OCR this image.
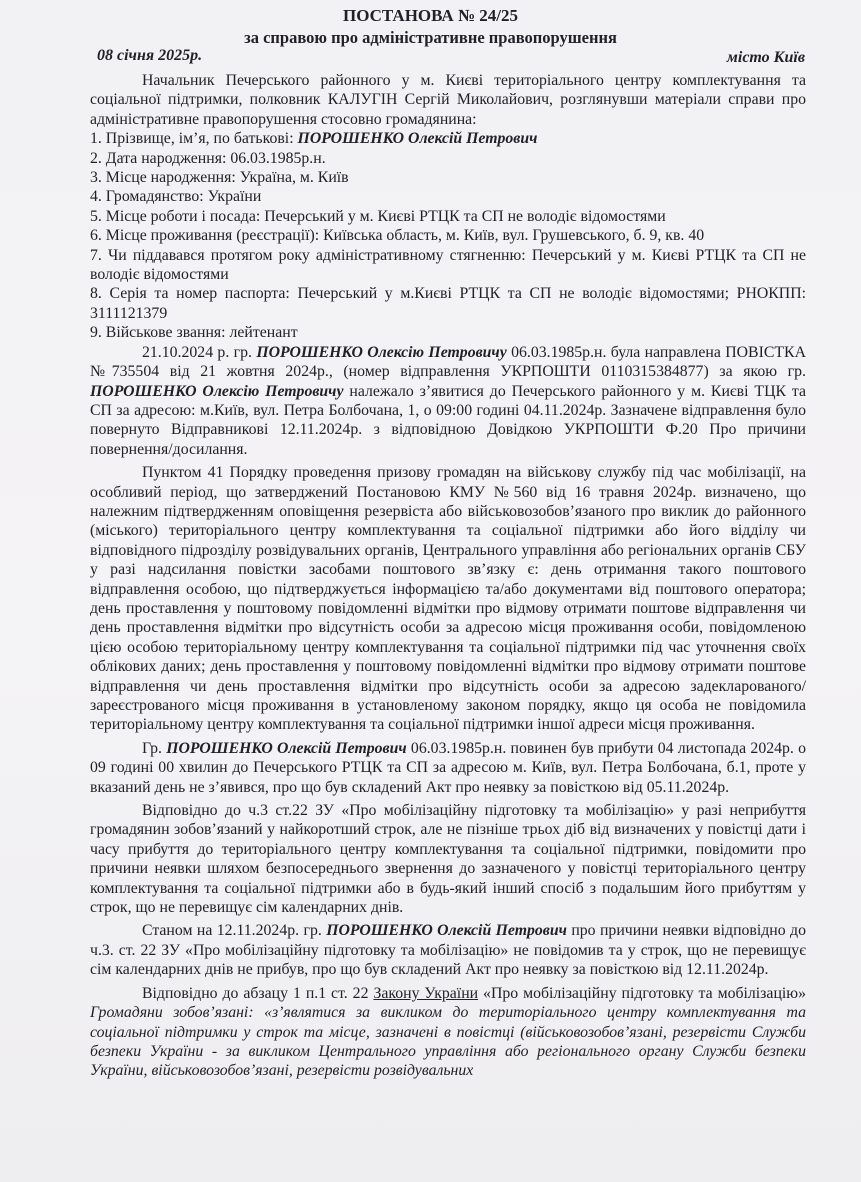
ПОСТАНОВА № 24/25
за справою про адміністративне правопорушення
08 січня 2025р.	місто Київ

Начальник Печерського районного у м. Києві територіального центру комплектування та соціальної підтримки, полковник КАЛУГІН Сергій Миколайович, розглянувши матеріали справи про адміністративне правопорушення стосовно громадянина:

1. Прізвище, ім’я, по батькові: ПОРОШЕНКО Олексій Петрович

2. Дата народження: 06.03.1985р.н.

3. Місце народження: Україна, м. Київ

4. Громадянство: України

5. Місце роботи і посада: Печерський у м. Києві РТЦК та СП не володіє відомостями

6. Місце проживання (реєстрації): Київська область, м. Київ, вул. Грушевського, б. 9, кв. 40

7. Чи піддавався протягом року адміністративному стягненню: Печерський у м. Києві РТЦК та СП не володіє відомостями

8. Серія та номер паспорта: Печерський у м.Києві РТЦК та СП не володіє відомостями; РНОКПП: 3111121379

9. Військове звання: лейтенант

21.10.2024 р. гр. ПОРОШЕНКО Олексію Петровичу 06.03.1985р.н. була направлена ПОВІСТКА №735504 від 21 жовтня 2024р., (номер відправлення УКРПОШТИ 0110315384877) за якою гр. ПОРОШЕНКО Олексію Петровичу належало з’явитися до Печерського районного у м. Києві ТЦК та СП за адресою: м.Київ, вул. Петра Болбочана, 1, о 09:00 годині 04.11.2024р. Зазначене відправлення було повернуто Відправникові 12.11.2024р. з відповідною Довідкою УКРПОШТИ Ф.20 Про причини повернення/досилання.

Пунктом 41 Порядку проведення призову громадян на військову службу під час мобілізації, на особливий період, що затверджений Постановою КМУ №560 від 16 травня 2024р. визначено, що належним підтвердженням оповіщення резервіста або військовозобов’язаного про виклик до районного (міського) територіального центру комплектування та соціальної підтримки або його відділу чи відповідного підрозділу розвідувальних органів, Центрального управління або регіональних органів СБУ у разі надсилання повістки засобами поштового зв’язку є: день отримання такого поштового відправлення особою, що підтверджується інформацією та/або документами від поштового оператора; день проставлення у поштовому повідомленні відмітки про відмову отримати поштове відправлення чи день проставлення відмітки про відсутність особи за адресою місця проживання особи, повідомленою цією особою територіальному центру комплектування та соціальної підтримки під час уточнення своїх облікових даних; день проставлення у поштовому повідомленні відмітки про відмову отримати поштове відправлення чи день проставлення відмітки про відсутність особи за адресою задекларованого/зареєстрованого місця проживання в установленому законом порядку, якщо ця особа не повідомила територіальному центру комплектування та соціальної підтримки іншої адреси місця проживання.

Гр. ПОРОШЕНКО Олексій Петрович 06.03.1985р.н. повинен був прибути 04 листопада 2024р. о 09 годині 00 хвилин до Печерського РТЦК та СП за адресою м. Київ, вул. Петра Болбочана, б.1, проте у вказаний день не з’явився, про що був складений Акт про неявку за повісткою від 05.11.2024р.

Відповідно до ч.3 ст.22 ЗУ «Про мобілізаційну підготовку та мобілізацію» у разі неприбуття громадянин зобов’язаний у найкоротший строк, але не пізніше трьох діб від визначених у повістці дати і часу прибуття до територіального центру комплектування та соціальної підтримки, повідомити про причини неявки шляхом безпосереднього звернення до зазначеного у повістці територіального центру комплектування та соціальної підтримки або в будь-який інший спосіб з подальшим його прибуттям у строк, що не перевищує сім календарних днів.

Станом на 12.11.2024р. гр. ПОРОШЕНКО Олексій Петрович про причини неявки відповідно до ч.3. ст. 22 ЗУ «Про мобілізаційну підготовку та мобілізацію» не повідомив та у строк, що не перевищує сім календарних днів не прибув, про що був складений Акт про неявку за повісткою від 12.11.2024р.

Відповідно до абзацу 1 п.1 ст. 22 Закону України «Про мобілізаційну підготовку та мобілізацію» Громадяни зобов’язані: «з’являтися за викликом до територіального центру комплектування та соціальної підтримки у строк та місце, зазначені в повістці (військовозобов’язані, резервісти Служби безпеки України - за викликом Центрального управління або регіонального органу Служби безпеки України, військовозобов’язані, резервісти розвідувальних
